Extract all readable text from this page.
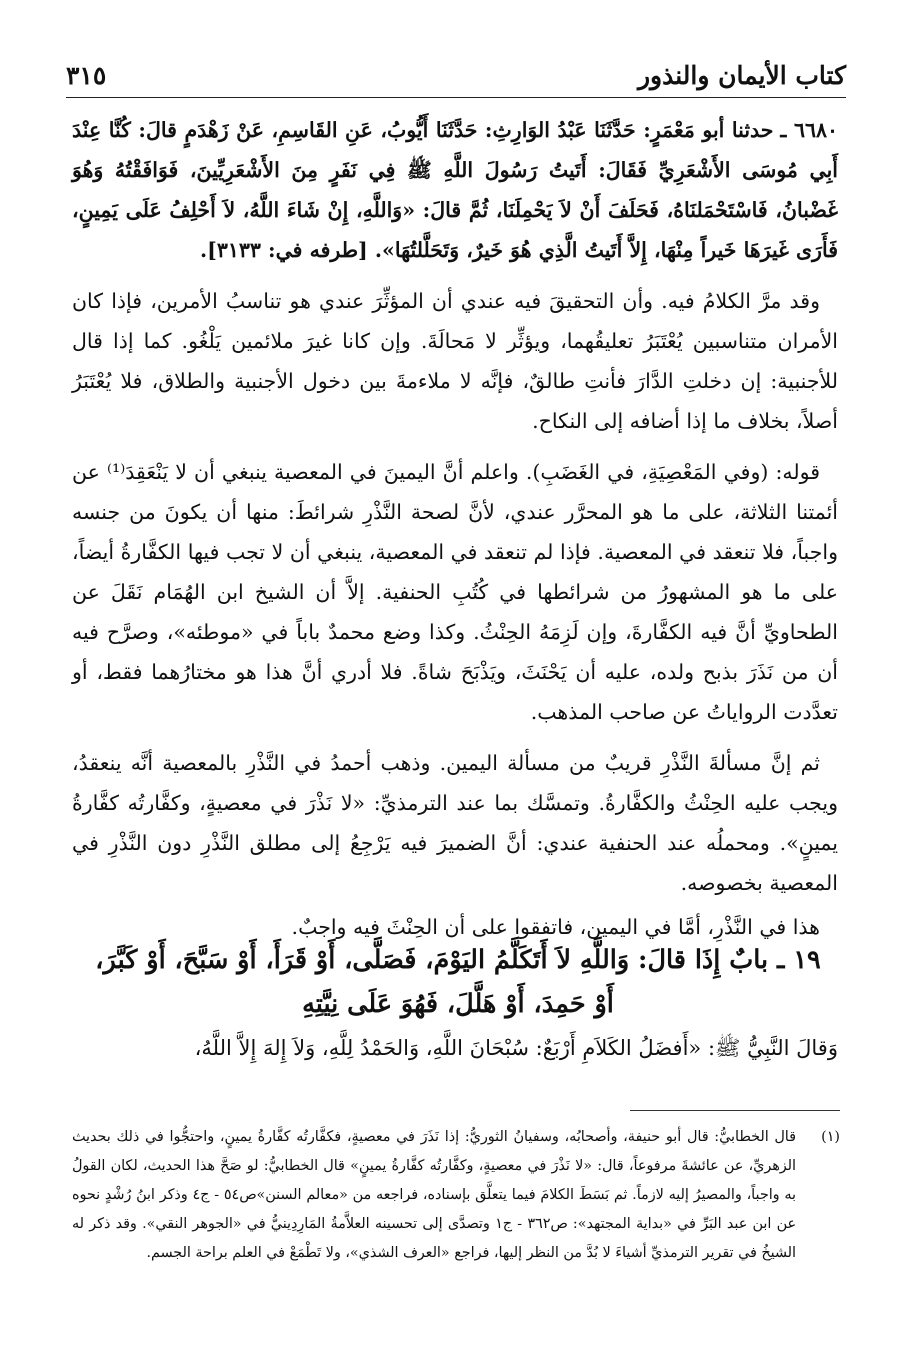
كتاب الأيمان والنذور
٣١٥

٦٦٨٠ ـ حدثنا أبو مَعْمَرٍ: حَدَّثَنَا عَبْدُ الوَارِثِ: حَدَّثَنَا أَيُّوبُ، عَنِ القَاسِمِ، عَنْ زَهْدَمٍ قالَ: كُنَّا عِنْدَ أَبِي مُوسَى الأَشْعَرِيِّ فَقَالَ: أَتَيتُ رَسُولَ اللَّهِ ﷺ فِي نَفَرٍ مِنَ الأَشْعَرِيِّينَ، فَوَافَقْتُهُ وَهُوَ غَضْبانُ، فَاسْتَحْمَلنَاهُ، فَحَلَفَ أَنْ لاَ يَحْمِلَنَا، ثُمَّ قالَ: «وَاللَّهِ، إِنْ شَاءَ اللَّهُ، لاَ أَحْلِفُ عَلَى يَمِينٍ، فَأَرَى غَيرَهَا خَيراً مِنْهَا، إِلاَّ أَتَيتُ الَّذِي هُوَ خَيرٌ، وَتَحَلَّلتُهَا». [طرفه في: ٣١٣٣].

وقد مرَّ الكلامُ فيه. وأن التحقيقَ فيه عندي أن المؤثِّرَ عندي هو تناسبُ الأمرين، فإذا كان الأمران متناسبين يُعْتَبَرُ تعليقُهما، ويؤثِّر لا مَحالَةَ. وإن كانا غيرَ ملائمين يَلْغُو. كما إذا قال للأجنبية: إن دخلتِ الدَّارَ فأنتِ طالقٌ، فإنَّه لا ملاءمةَ بين دخول الأجنبية والطلاق، فلا يُعْتَبَرُ أصلاً، بخلاف ما إذا أضافه إلى النكاح.

قوله: (وفي المَعْصِيَةِ، في الغَضَبِ). واعلم أنَّ اليمينَ في المعصية ينبغي أن لا يَنْعَقِدَ⁽¹⁾ عن أئمتنا الثلاثة، على ما هو المحرَّر عندي، لأنَّ لصحة النَّذْرِ شرائطَ: منها أن يكونَ من جنسه واجباً، فلا تنعقد في المعصية. فإذا لم تنعقد في المعصية، ينبغي أن لا تجب فيها الكفَّارةُ أيضاً، على ما هو المشهورُ من شرائطها في كُتُبِ الحنفية. إلاَّ أن الشيخ ابن الهُمَام نَقَلَ عن الطحاويِّ أنَّ فيه الكفَّارةَ، وإن لَزِمَهُ الحِنْثُ. وكذا وضع محمدٌ باباً في «موطئه»، وصرَّح فيه أن من نَذَرَ بذبح ولده، عليه أن يَحْنَثَ، ويَذْبَحَ شاةً. فلا أدري أنَّ هذا هو مختارُهما فقط، أو تعدَّدت الرواياتُ عن صاحب المذهب.

ثم إنَّ مسألةَ النَّذْرِ قريبٌ من مسألة اليمين. وذهب أحمدُ في النَّذْرِ بالمعصية أنَّه ينعقدُ، ويجب عليه الحِنْثُ والكفَّارةُ. وتمسَّك بما عند الترمذيِّ: «لا نَذْرَ في معصيةٍ، وكفَّارتُه كفَّارةُ يمينٍ». ومحملُه عند الحنفية عندي: أنَّ الضميرَ فيه يَرْجِعُ إلى مطلق النَّذْرِ دون النَّذْرِ في المعصية بخصوصه.

هذا في النَّذْرِ، أمَّا في اليمين، فاتفقوا على أن الحِنْثَ فيه واجبٌ.

١٩ ـ بابٌ إِذَا قالَ: وَاللَّهِ لاَ أَتَكَلَّمُ اليَوْمَ، فَصَلَّى، أَوْ قَرَأَ، أَوْ سَبَّحَ، أَوْ كَبَّرَ، أَوْ حَمِدَ، أَوْ هَلَّلَ، فَهُوَ عَلَى نِيَّتِهِ
وَقالَ النَّبِيُّ ﷺ: «أَفضَلُ الكَلاَمِ أَرْبَعٌ: سُبْحَانَ اللَّهِ، وَالحَمْدُ لِلَّهِ، وَلاَ إِلهَ إِلاَّ اللَّهُ،
(١)
قال الخطابيُّ: قال أبو حنيفة، وأصحابُه، وسفيانُ الثوريُّ: إذا نَذَرَ في معصيةٍ، فكفَّارتُه كفَّارةُ يمينٍ، واحتجُّوا في ذلك بحديث الزهريِّ، عن عائشةَ مرفوعاً، قال: «لا نَذْرَ في معصيةٍ، وكفَّارتُه كفَّارةُ يمينٍ» قال الخطابيُّ: لو صَحَّ هذا الحديث، لكان القولُ به واجباً، والمصيرُ إليه لازماً. ثم بَسَطَ الكلامَ فيما يتعلَّق بإسناده، فراجعه من «معالم السنن»ص٥٤ - ج٤ وذكر ابنُ رُشْدٍ نحوه عن ابن عبد البَرِّ في «بداية المجتهد»: ص٣٦٢ - ج١ وتصدَّى إلى تحسينه العلاَّمةُ المَارِدِينيُّ في «الجوهر النقي». وقد ذكر له الشيخُ في تقرير الترمذيِّ أشياءَ لا بُدَّ من النظر إليها، فراجع «العرف الشذي»، ولا تَطْمَعْ في العلم براحة الجسم.
